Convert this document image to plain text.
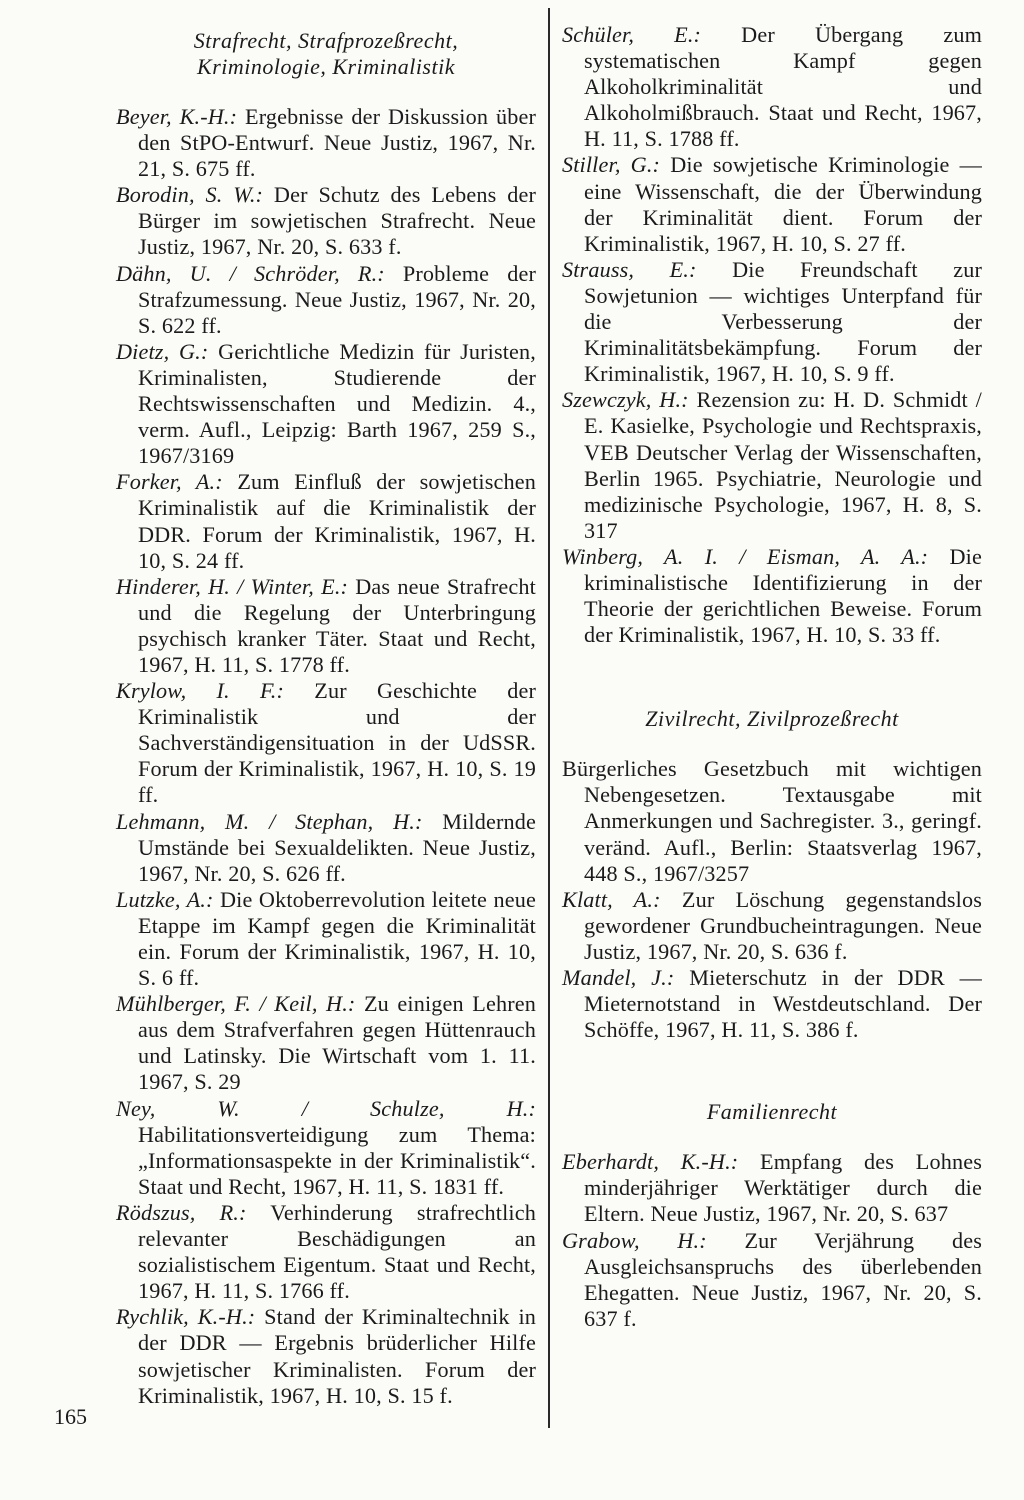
Strafrecht, Strafprozeßrecht,
Kriminologie, Kriminalistik

Beyer, K.-H.: Ergebnisse der Diskussion über den StPO-Entwurf. Neue Justiz, 1967, Nr. 21, S. 675 ff.

Borodin, S. W.: Der Schutz des Lebens der Bürger im sowjetischen Strafrecht. Neue Justiz, 1967, Nr. 20, S. 633 f.

Dähn, U. / Schröder, R.: Probleme der Strafzumessung. Neue Justiz, 1967, Nr. 20, S. 622 ff.

Dietz, G.: Gerichtliche Medizin für Juristen, Kriminalisten, Studierende der Rechtswissenschaften und Medizin. 4., verm. Aufl., Leipzig: Barth 1967, 259 S., 1967/3169

Forker, A.: Zum Einfluß der sowjetischen Kriminalistik auf die Kriminalistik der DDR. Forum der Kriminalistik, 1967, H. 10, S. 24 ff.

Hinderer, H. / Winter, E.: Das neue Strafrecht und die Regelung der Unterbringung psychisch kranker Täter. Staat und Recht, 1967, H. 11, S. 1778 ff.

Krylow, I. F.: Zur Geschichte der Kriminalistik und der Sachverständigensituation in der UdSSR. Forum der Kriminalistik, 1967, H. 10, S. 19 ff.

Lehmann, M. / Stephan, H.: Mildernde Umstände bei Sexualdelikten. Neue Justiz, 1967, Nr. 20, S. 626 ff.

Lutzke, A.: Die Oktoberrevolution leitete neue Etappe im Kampf gegen die Kriminalität ein. Forum der Kriminalistik, 1967, H. 10, S. 6 ff.

Mühlberger, F. / Keil, H.: Zu einigen Lehren aus dem Strafverfahren gegen Hüttenrauch und Latinsky. Die Wirtschaft vom 1. 11. 1967, S. 29

Ney, W. / Schulze, H.: Habilitationsverteidigung zum Thema: „Informationsaspekte in der Kriminalistik“. Staat und Recht, 1967, H. 11, S. 1831 ff.

Rödszus, R.: Verhinderung strafrechtlich relevanter Beschädigungen an sozialistischem Eigentum. Staat und Recht, 1967, H. 11, S. 1766 ff.

Rychlik, K.-H.: Stand der Kriminaltechnik in der DDR — Ergebnis brüderlicher Hilfe sowjetischer Kriminalisten. Forum der Kriminalistik, 1967, H. 10, S. 15 f.

Schüler, E.: Der Übergang zum systematischen Kampf gegen Alkoholkriminalität und Alkoholmißbrauch. Staat und Recht, 1967, H. 11, S. 1788 ff.

Stiller, G.: Die sowjetische Kriminologie — eine Wissenschaft, die der Überwindung der Kriminalität dient. Forum der Kriminalistik, 1967, H. 10, S. 27 ff.

Strauss, E.: Die Freundschaft zur Sowjetunion — wichtiges Unterpfand für die Verbesserung der Kriminalitätsbekämpfung. Forum der Kriminalistik, 1967, H. 10, S. 9 ff.

Szewczyk, H.: Rezension zu: H. D. Schmidt / E. Kasielke, Psychologie und Rechtspraxis, VEB Deutscher Verlag der Wissenschaften, Berlin 1965. Psychiatrie, Neurologie und medizinische Psychologie, 1967, H. 8, S. 317

Winberg, A. I. / Eisman, A. A.: Die kriminalistische Identifizierung in der Theorie der gerichtlichen Beweise. Forum der Kriminalistik, 1967, H. 10, S. 33 ff.

Zivilrecht, Zivilprozeßrecht

Bürgerliches Gesetzbuch mit wichtigen Nebengesetzen. Textausgabe mit Anmerkungen und Sachregister. 3., geringf. veränd. Aufl., Berlin: Staatsverlag 1967, 448 S., 1967/3257

Klatt, A.: Zur Löschung gegenstandslos gewordener Grundbucheintragungen. Neue Justiz, 1967, Nr. 20, S. 636 f.

Mandel, J.: Mieterschutz in der DDR — Mieternotstand in Westdeutschland. Der Schöffe, 1967, H. 11, S. 386 f.

Familienrecht

Eberhardt, K.-H.: Empfang des Lohnes minderjähriger Werktätiger durch die Eltern. Neue Justiz, 1967, Nr. 20, S. 637

Grabow, H.: Zur Verjährung des Ausgleichsanspruchs des überlebenden Ehegatten. Neue Justiz, 1967, Nr. 20, S. 637 f.

165
